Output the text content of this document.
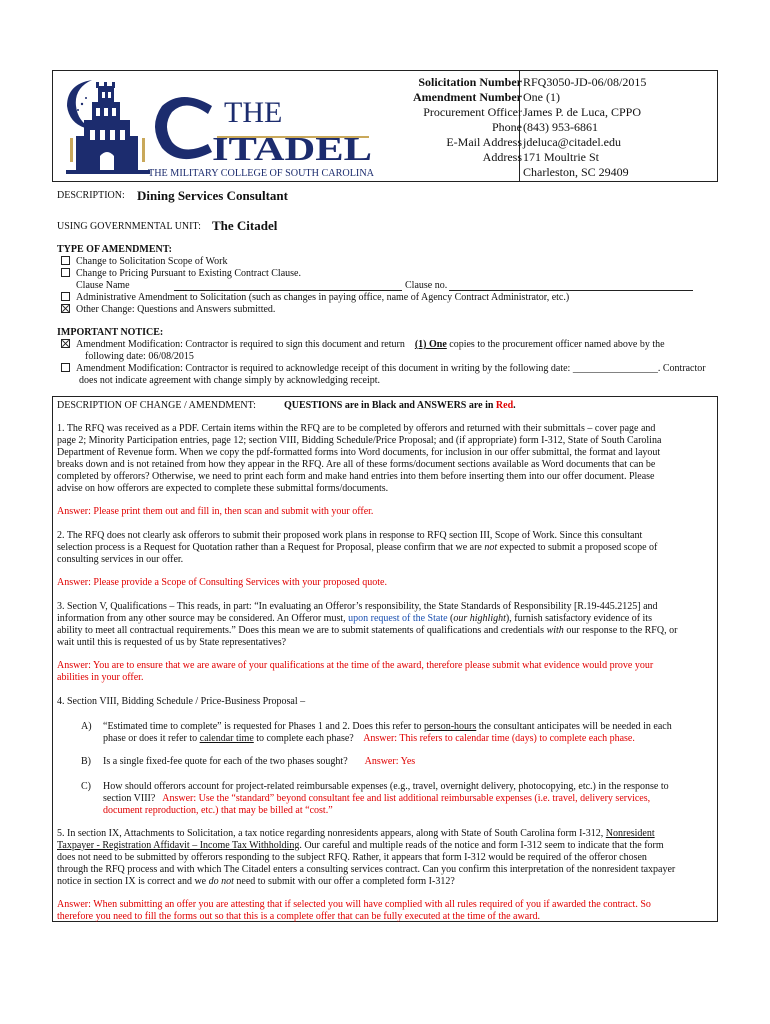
THE
ITADEL
THE MILITARY COLLEGE OF SOUTH CAROLINA
Solicitation Number RFQ3050-JD-06/08/2015
Amendment Number One (1)
Procurement Officer James P. de Luca, CPPO
Phone (843) 953-6861
E-Mail Address jdeluca@citadel.edu
Address 171 Moultrie St
Charleston, SC 29409
DESCRIPTION: Dining Services Consultant
USING GOVERNMENTAL UNIT: The Citadel
TYPE OF AMENDMENT:
Change to Solicitation Scope of Work
Change to Pricing Pursuant to Existing Contract Clause.
Clause Name	Clause no.
Administrative Amendment to Solicitation (such as changes in paying office, name of Agency Contract Administrator, etc.)
Other Change: Questions and Answers submitted.
IMPORTANT NOTICE:
Amendment Modification: Contractor is required to sign this document and return (1) One copies to the procurement officer named above by the
following date: 06/08/2015
Amendment Modification: Contractor is required to acknowledge receipt of this document in writing by the following date: _________________. Contractor
does not indicate agreement with change simply by acknowledging receipt.
DESCRIPTION OF CHANGE / AMENDMENT:	QUESTIONS are in Black and ANSWERS are in Red.
1. The RFQ was received as a PDF. Certain items within the RFQ are to be completed by offerors and returned with their submittals – cover page and
page 2; Minority Participation entries, page 12; section VIII, Bidding Schedule/Price Proposal; and (if appropriate) form I-312, State of South Carolina
Department of Revenue form. When we copy the pdf-formatted forms into Word documents, for inclusion in our offer submittal, the format and layout
breaks down and is not retained from how they appear in the RFQ. Are all of these forms/document sections available as Word documents that can be
completed by offerors? Otherwise, we need to print each form and make hand entries into them before inserting them into our offer document. Please
advise on how offerors are expected to complete these submittal forms/documents.
Answer: Please print them out and fill in, then scan and submit with your offer.
2. The RFQ does not clearly ask offerors to submit their proposed work plans in response to RFQ section III, Scope of Work. Since this consultant
selection process is a Request for Quotation rather than a Request for Proposal, please confirm that we are not expected to submit a proposed scope of
consulting services in our offer.
Answer: Please provide a Scope of Consulting Services with your proposed quote.
3. Section V, Qualifications – This reads, in part: “In evaluating an Offeror’s responsibility, the State Standards of Responsibility [R.19-445.2125] and
information from any other source may be considered. An Offeror must, upon request of the State (our highlight), furnish satisfactory evidence of its
ability to meet all contractual requirements.” Does this mean we are to submit statements of qualifications and credentials with our response to the RFQ, or
wait until this is requested of us by State representatives?
Answer: You are to ensure that we are aware of your qualifications at the time of the award, therefore please submit what evidence would prove your
abilities in your offer.
4. Section VIII, Bidding Schedule / Price-Business Proposal –
A) “Estimated time to complete” is requested for Phases 1 and 2. Does this refer to person-hours the consultant anticipates will be needed in each
phase or does it refer to calendar time to complete each phase? Answer: This refers to calendar time (days) to complete each phase.
B) Is a single fixed-fee quote for each of the two phases sought? Answer: Yes
C) How should offerors account for project-related reimbursable expenses (e.g., travel, overnight delivery, photocopying, etc.) in the response to
section VIII? Answer: Use the “standard” beyond consultant fee and list additional reimbursable expenses (i.e. travel, delivery services,
document reproduction, etc.) that may be billed at “cost.”
5. In section IX, Attachments to Solicitation, a tax notice regarding nonresidents appears, along with State of South Carolina form I-312, Nonresident
Taxpayer - Registration Affidavit – Income Tax Withholding. Our careful and multiple reads of the notice and form I-312 seem to indicate that the form
does not need to be submitted by offerors responding to the subject RFQ. Rather, it appears that form I-312 would be required of the offeror chosen
through the RFQ process and with which The Citadel enters a consulting services contract. Can you confirm this interpretation of the nonresident taxpayer
notice in section IX is correct and we do not need to submit with our offer a completed form I-312?
Answer: When submitting an offer you are attesting that if selected you will have complied with all rules required of you if awarded the contract. So
therefore you need to fill the forms out so that this is a complete offer that can be fully executed at the time of the award.
